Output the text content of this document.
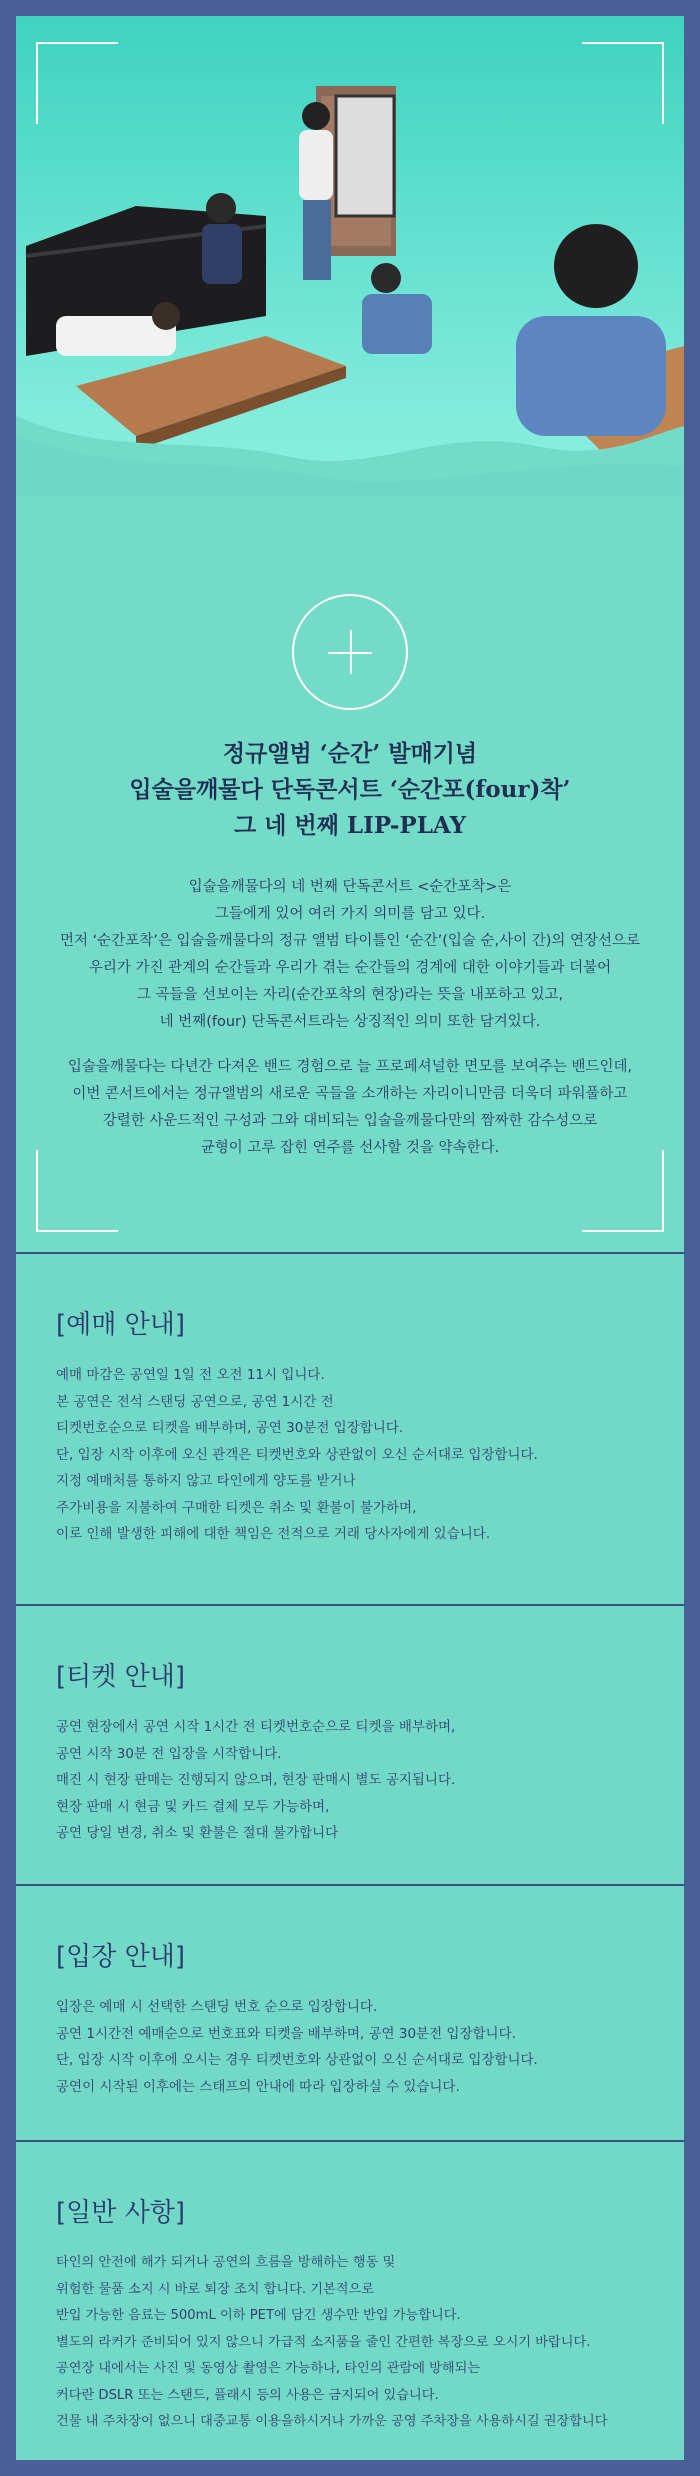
정규앨범 ‘순간’ 발매기념
입술을깨물다 단독콘서트 ‘순간포(four)착’
그 네 번째 LIP-PLAY
입술을깨물다의 네 번째 단독콘서트 <순간포착>은
그들에게 있어 여러 가지 의미를 담고 있다.
먼저 ‘순간포착’은 입술을깨물다의 정규 앨범 타이틀인 ‘순간’(입술 순,사이 간)의 연장선으로
우리가 가진 관계의 순간들과 우리가 겪는 순간들의 경계에 대한 이야기들과 더불어
그 곡들을 선보이는 자리(순간포착의 현장)라는 뜻을 내포하고 있고,
네 번째(four) 단독콘서트라는 상징적인 의미 또한 담겨있다.
입술을깨물다는 다년간 다져온 밴드 경험으로 늘 프로페셔널한 면모를 보여주는 밴드인데,
이번 콘서트에서는 정규앨범의 새로운 곡들을 소개하는 자리이니만큼 더욱더 파워풀하고
강렬한 사운드적인 구성과 그와 대비되는 입술을깨물다만의 짬짜한 감수성으로
균형이 고루 잡힌 연주를 선사할 것을 약속한다.
[예매 안내]
예매 마감은 공연일 1일 전 오전 11시 입니다.
본 공연은 전석 스탠딩 공연으로, 공연 1시간 전
티켓번호순으로 티켓을 배부하며, 공연 30분전 입장합니다.
단, 입장 시작 이후에 오신 관객은 티켓번호와 상관없이 오신 순서대로 입장합니다.
지정 예매처를 통하지 않고 타인에게 양도를 받거나
주가비용을 지불하여 구매한 티켓은 취소 및 환불이 불가하며,
이로 인해 발생한 피해에 대한 책임은 전적으로 거래 당사자에게 있습니다.
[티켓 안내]
공연 현장에서 공연 시작 1시간 전 티켓번호순으로 티켓을 배부하며,
공연 시작 30분 전 입장을 시작합니다.
매진 시 현장 판매는 진행되지 않으며, 현장 판매시 별도 공지됩니다.
현장 판매 시 현금 및 카드 결제 모두 가능하며,
공연 당일 변경, 취소 및 환불은 절대 불가합니다
[입장 안내]
입장은 예매 시 선택한 스탠딩 번호 순으로 입장합니다.
공연 1시간전 예매순으로 번호표와 티켓을 배부하며, 공연 30분전 입장합니다.
단, 입장 시작 이후에 오시는 경우 티켓번호와 상관없이 오신 순서대로 입장합니다.
공연이 시작된 이후에는 스태프의 안내에 따라 입장하실 수 있습니다.
[일반 사항]
타인의 안전에 해가 되거나 공연의 흐름을 방해하는 행동 및
위험한 물품 소지 시 바로 퇴장 조치 합니다. 기본적으로
반입 가능한 음료는 500mL 이하 PET에 담긴 생수만 반입 가능합니다.
별도의 라커가 준비되어 있지 않으니 가급적 소지품을 줄인 간편한 복장으로 오시기 바랍니다.
공연장 내에서는 사진 및 동영상 촬영은 가능하나, 타인의 관람에 방해되는
커다란 DSLR 또는 스탠드, 플래시 등의 사용은 금지되어 있습니다.
건물 내 주차장이 없으니 대중교통 이용을하시거나 가까운 공영 주차장을 사용하시길 권장합니다
